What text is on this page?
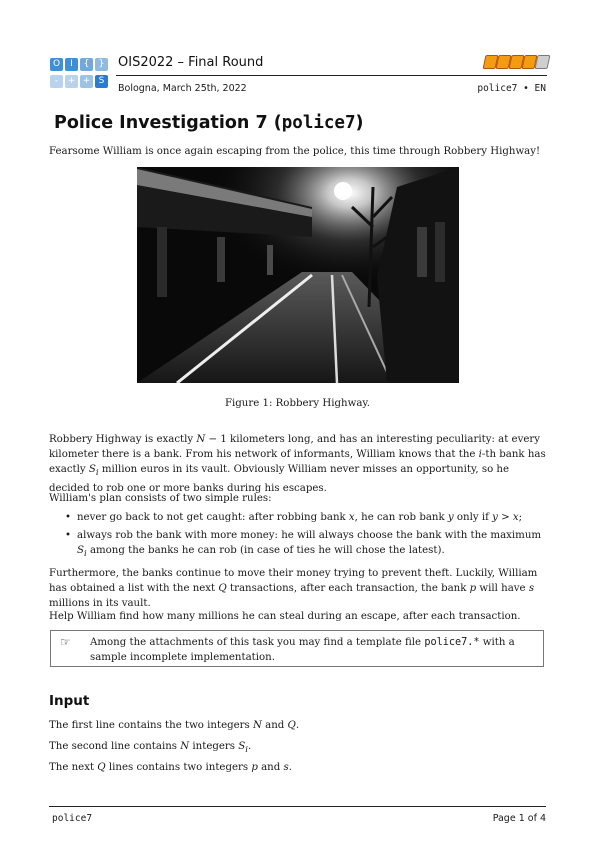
O	I	{	}
-	+ + S
OIS2022 – Final Round
Bologna, March 25th, 2022	police7 • EN
Police Investigation 7 (police7)
Fearsome William is once again escaping from the police, this time through Robbery Highway!
Figure 1: Robbery Highway.
Robbery Highway is exactly N − 1 kilometers long, and has an interesting peculiarity: at every kilometer there is a bank. From his network of informants, William knows that the i-th bank has exactly $S_i$ million euros in its vault. Obviously William never misses an opportunity, so he decided to rob one or more banks during his escapes.
William's plan consists of two simple rules:
• never go back to not get caught: after robbing bank x, he can rob bank y only if y > x;
• always rob the bank with more money: he will always choose the bank with the maximum $S_i$ among the banks he can rob (in case of ties he will chose the latest).
Furthermore, the banks continue to move their money trying to prevent theft. Luckily, William has obtained a list with the next Q transactions, after each transaction, the bank p will have s millions in its vault.
Help William find how many millions he can steal during an escape, after each transaction.
☞ Among the attachments of this task you may find a template file police7.* with a sample incomplete implementation.
Input
The first line contains the two integers N and Q.
The second line contains N integers $S_i$.
The next Q lines contains two integers p and s.
police7	Page 1 of 4
